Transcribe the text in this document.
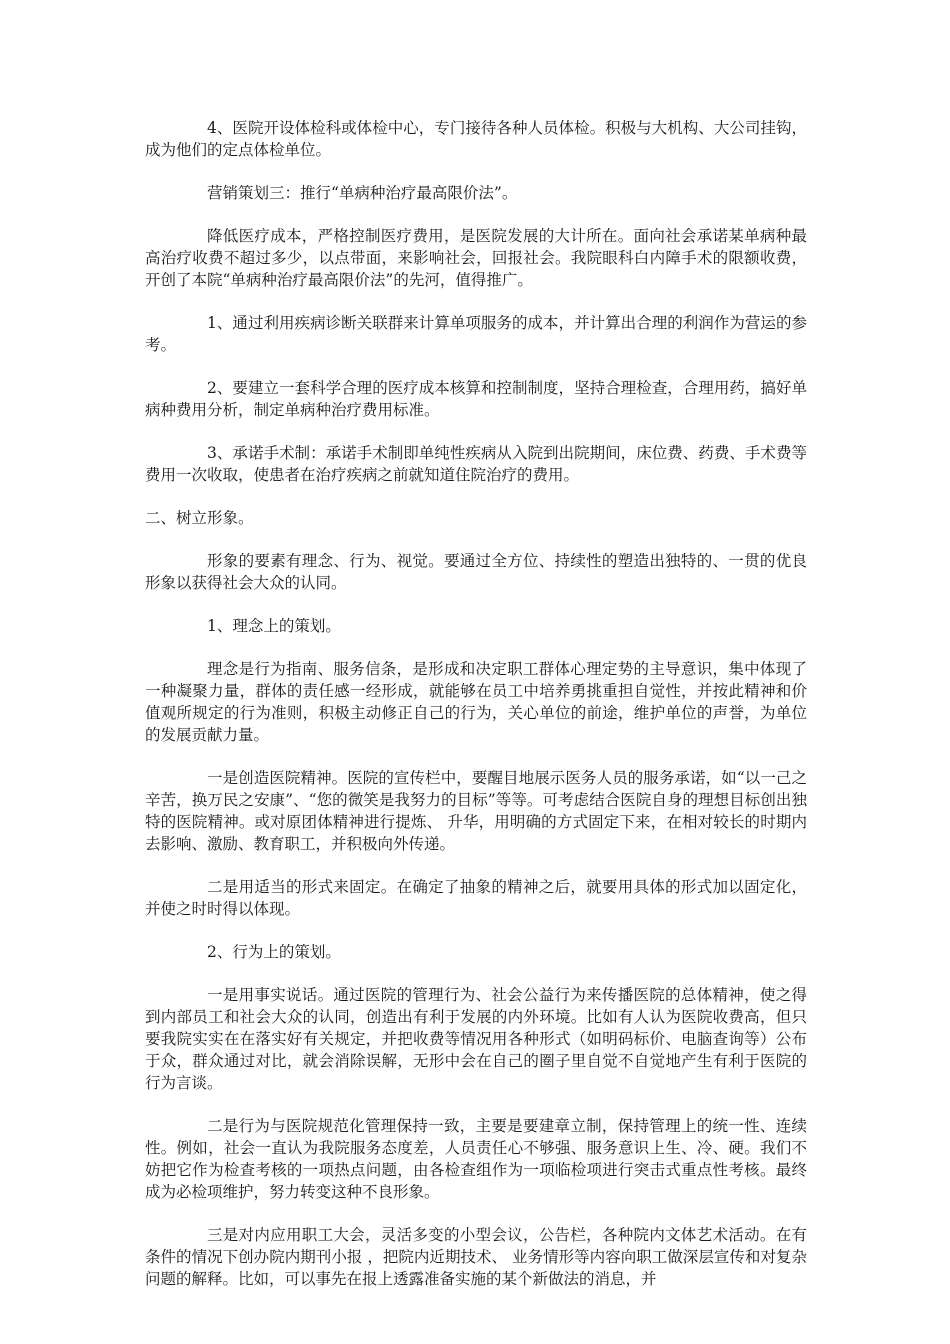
4、医院开设体检科或体检中心，专门接待各种人员体检。积极与大机构、大公司挂钩，成为他们的定点体检单位。

营销策划三：推行“单病种治疗最高限价法”。

降低医疗成本，严格控制医疗费用，是医院发展的大计所在。面向社会承诺某单病种最高治疗收费不超过多少，以点带面，来影响社会，回报社会。我院眼科白内障手术的限额收费，开创了本院“单病种治疗最高限价法”的先河，值得推广。

1、通过利用疾病诊断关联群来计算单项服务的成本，并计算出合理的利润作为营运的参考。

2、要建立一套科学合理的医疗成本核算和控制制度，坚持合理检查，合理用药，搞好单病种费用分析，制定单病种治疗费用标准。

3、承诺手术制：承诺手术制即单纯性疾病从入院到出院期间，床位费、药费、手术费等费用一次收取，使患者在治疗疾病之前就知道住院治疗的费用。

二、树立形象。

形象的要素有理念、行为、视觉。要通过全方位、持续性的塑造出独特的、一贯的优良形象以获得社会大众的认同。

1、理念上的策划。

理念是行为指南、服务信条，是形成和决定职工群体心理定势的主导意识，集中体现了一种凝聚力量，群体的责任感一经形成，就能够在员工中培养勇挑重担自觉性，并按此精神和价值观所规定的行为准则，积极主动修正自己的行为，关心单位的前途，维护单位的声誉，为单位的发展贡献力量。

一是创造医院精神。医院的宣传栏中，要醒目地展示医务人员的服务承诺，如“以一己之辛苦，换万民之安康”、“您的微笑是我努力的目标”等等。可考虑结合医院自身的理想目标创出独特的医院精神。或对原团体精神进行提炼、 升华，用明确的方式固定下来，在相对较长的时期内去影响、激励、教育职工，并积极向外传递。

二是用适当的形式来固定。在确定了抽象的精神之后，就要用具体的形式加以固定化，并使之时时得以体现。

2、行为上的策划。

一是用事实说话。通过医院的管理行为、社会公益行为来传播医院的总体精神，使之得到内部员工和社会大众的认同，创造出有利于发展的内外环境。比如有人认为医院收费高，但只要我院实实在在落实好有关规定，并把收费等情况用各种形式（如明码标价、电脑查询等）公布于众，群众通过对比，就会消除误解，无形中会在自己的圈子里自觉不自觉地产生有利于医院的行为言谈。

二是行为与医院规范化管理保持一致，主要是要建章立制，保持管理上的统一性、连续性。例如，社会一直认为我院服务态度差，人员责任心不够强、服务意识上生、冷、硬。我们不妨把它作为检查考核的一项热点问题，由各检查组作为一项临检项进行突击式重点性考核。最终成为必检项维护，努力转变这种不良形象。

三是对内应用职工大会，灵活多变的小型会议，公告栏，各种院内文体艺术活动。在有条件的情况下创办院内期刊小报 ，把院内近期技术、 业务情形等内容向职工做深层宣传和对复杂问题的解释。比如，可以事先在报上透露准备实施的某个新做法的消息，并
